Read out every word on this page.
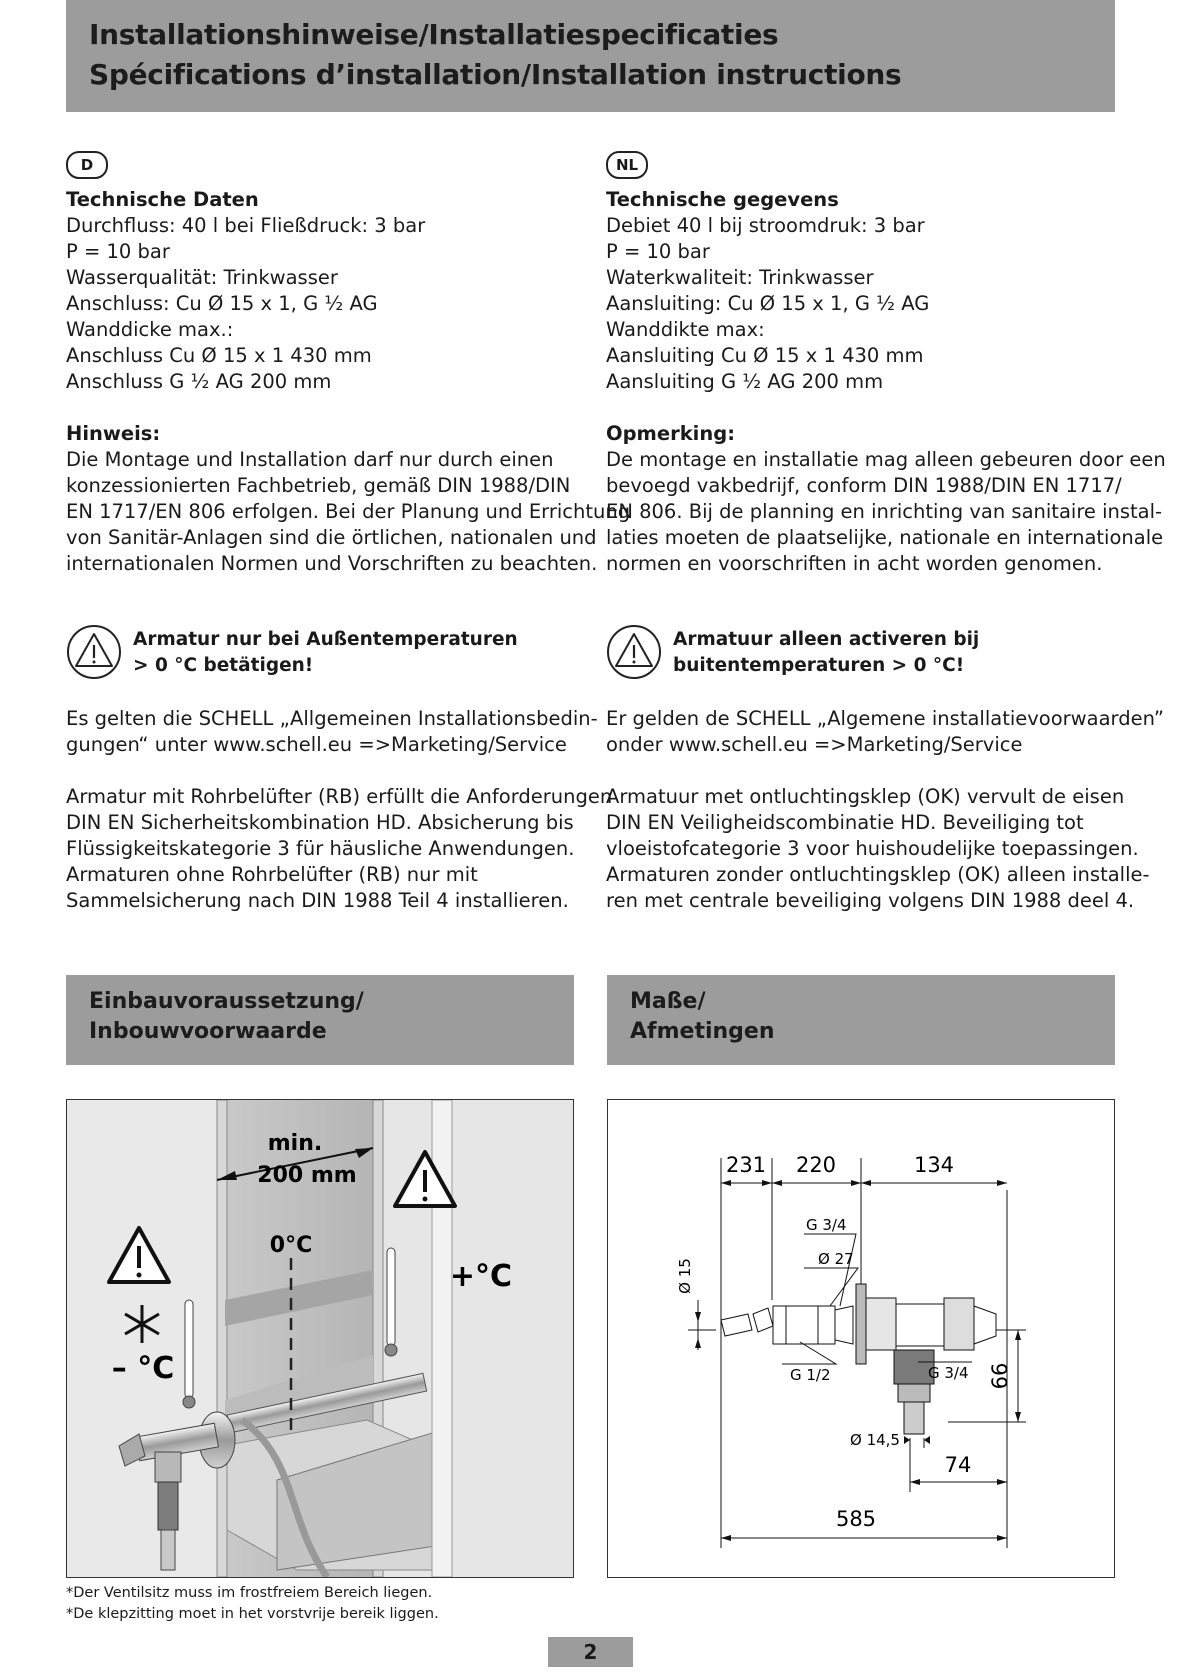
Installationshinweise/Installatiespecificaties
Spécifications d’installation/Installation instructions
D	NL

Technische Daten

Durchfluss: 40 l bei Fließdruck: 3 bar

P = 10 bar

Wasserqualität: Trinkwasser

Anschluss: Cu Ø 15 x 1, G ½ AG

Wanddicke max.:

Anschluss Cu Ø 15 x 1 430 mm

Anschluss G ½ AG 200 mm

Hinweis:

Die Montage und Installation darf nur durch einen

konzessionierten Fachbetrieb, gemäß DIN 1988/DIN

EN 1717/EN 806 erfolgen. Bei der Planung und Errichtung

von Sanitär-Anlagen sind die örtlichen, nationalen und

internationalen Normen und Vorschriften zu beachten.

Technische gegevens

Debiet 40 l bij stroomdruk: 3 bar

P = 10 bar

Waterkwaliteit: Trinkwasser

Aansluiting: Cu Ø 15 x 1, G ½ AG

Wanddikte max:

Aansluiting Cu Ø 15 x 1 430 mm

Aansluiting G ½ AG 200 mm

Opmerking:

De montage en installatie mag alleen gebeuren door een

bevoegd vakbedrijf, conform DIN 1988/DIN EN 1717/

EN 806. Bij de planning en inrichting van sanitaire instal-

laties moeten de plaatselijke, nationale en internationale

normen en voorschriften in acht worden genomen.

Armatur nur bei Außentemperaturen
> 0 °C betätigen!
Armatuur alleen activeren bij
buitentemperaturen > 0 °C!

Es gelten die SCHELL „Allgemeinen Installationsbedin-

gungen“ unter www.schell.eu =>Marketing/Service

Er gelden de SCHELL „Algemene installatievoorwaarden”

onder www.schell.eu =>Marketing/Service

Armatur mit Rohrbelüfter (RB) erfüllt die Anforderungen

DIN EN Sicherheitskombination HD. Absicherung bis

Flüssigkeitskategorie 3 für häusliche Anwendungen.

Armaturen ohne Rohrbelüfter (RB) nur mit

Sammelsicherung nach DIN 1988 Teil 4 installieren.

Armatuur met ontluchtingsklep (OK) vervult de eisen

DIN EN Veiligheidscombinatie HD. Beveiliging tot

vloeistofcategorie 3 voor huishoudelijke toepassingen.

Armaturen zonder ontluchtingsklep (OK) alleen installe-

ren met centrale beveiliging volgens DIN 1988 deel 4.

Einbauvoraussetzung/
Inbouwvoorwaarde
Maße/
Afmetingen
min.
200 mm
0°C
+°C
– °C
231 220	134
Ø 15
G 3/4
Ø 27
G 1/2	G 3/4 66
Ø 14,5
74
585
*Der Ventilsitz muss im frostfreiem Bereich liegen.
*De klepzitting moet in het vorstvrije bereik liggen.
2
